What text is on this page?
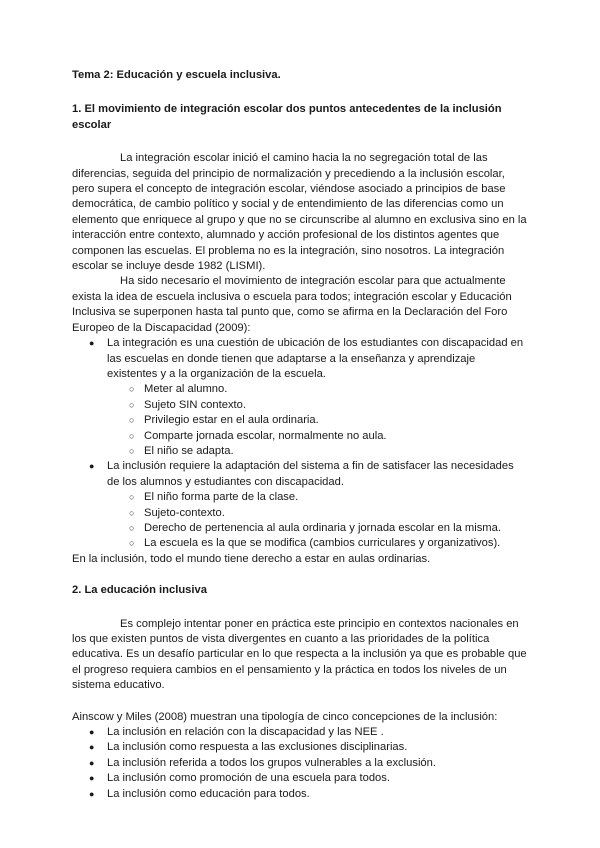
Tema 2: Educación y escuela inclusiva.
1. El movimiento de integración escolar dos puntos antecedentes de la inclusión escolar

La integración escolar inició el camino hacia la no segregación total de las diferencias, seguida del principio de normalización y precediendo a la inclusión escolar, pero supera el concepto de integración escolar, viéndose asociado a principios de base democrática, de cambio político y social y de entendimiento de las diferencias como un elemento que enriquece al grupo y que no se circunscribe al alumno en exclusiva sino en la interacción entre contexto, alumnado y acción profesional de los distintos agentes que componen las escuelas. El problema no es la integración, sino nosotros. La integración escolar se incluye desde 1982 (LISMI).

Ha sido necesario el movimiento de integración escolar para que actualmente exista la idea de escuela inclusiva o escuela para todos; integración escolar y Educación Inclusiva se superponen hasta tal punto que, como se afirma en la Declaración del Foro Europeo de la Discapacidad (2009):

● La integración es una cuestión de ubicación de los estudiantes con discapacidad en las escuelas en donde tienen que adaptarse a la enseñanza y aprendizaje existentes y a la organización de la escuela.
○ Meter al alumno.
○ Sujeto SIN contexto.
○ Privilegio estar en el aula ordinaria.
○ Comparte jornada escolar, normalmente no aula.
○ El niño se adapta.
● La inclusión requiere la adaptación del sistema a fin de satisfacer las necesidades de los alumnos y estudiantes con discapacidad.
○ El niño forma parte de la clase.
○ Sujeto-contexto.
○ Derecho de pertenencia al aula ordinaria y jornada escolar en la misma.
○ La escuela es la que se modifica (cambios curriculares y organizativos).

En la inclusión, todo el mundo tiene derecho a estar en aulas ordinarias.

2. La educación inclusiva

Es complejo intentar poner en práctica este principio en contextos nacionales en los que existen puntos de vista divergentes en cuanto a las prioridades de la política educativa. Es un desafío particular en lo que respecta a la inclusión ya que es probable que el progreso requiera cambios en el pensamiento y la práctica en todos los niveles de un sistema educativo.

Ainscow y Miles (2008) muestran una tipología de cinco concepciones de la inclusión:

● La inclusión en relación con la discapacidad y las NEE .
● La inclusión como respuesta a las exclusiones disciplinarias.
● La inclusión referida a todos los grupos vulnerables a la exclusión.
● La inclusión como promoción de una escuela para todos.
● La inclusión como educación para todos.
